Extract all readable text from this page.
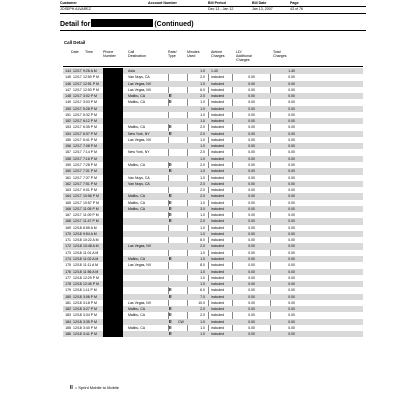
Customer
JOSEPH ALVAREZ
Account Number	Bill Period
Dec 13 - Jan 12
Bill Date
Jan 13, 2007
Page
43 of 76
Detail for	(Continued)
Call Detail
Date Time	Phone
Number
Call
Destination
Rate/
Type
Minutes
Used
Airtime
Charges
LD/
Additional
Charges
Total
Charges
144 12/17 9:26 A M	Asia	1.0 1.40	1.40
145 12/17 12:50 P M	Van Nuys, CA	2.0 included	0.00	0.00
146 12/17 12:51 P M	Las Vegas, NV	1.0 included	0.00	0.00
147 12/17 12:53 P M	Las Vegas, NV	6.0 included	0.00	0.00
148 12/17 3:02 P M	Malibu, CA	II	2.0 included	0.00	0.00
149 12/17 3:03 P M	Malibu, CA	II	1.0 included	0.00	0.00
150 12/17 5:28 P M	1.0 included	0.00	0.00
151 12/17 5:32 P M	1.0 included	0.00	0.00
152 12/17 6:12 P M	1.0 included	0.00	0.00
153 12/17 6:35 P M	Malibu, CA	II	2.0 included	0.00	0.00
154 12/17 6:37 P M	New York, NY	II	2.0 included	0.00	0.00
155 12/17 6:41 P M	Las Vegas, NV	1.0 included	0.00	0.00
156 12/17 7:08 P M	1.0 included	0.00	0.00
157 12/17 7:14 P M	New York, NY	2.0 included	0.00	0.00
158 12/17 7:16 P M	1.0 included	0.00	0.00
159 12/17 7:28 P M	Malibu, CA	II	2.0 included	0.00	0.00
160 12/17 7:31 P M	II	1.0 included	0.00	0.00
161 12/17 7:37 P M	Van Nuys, CA	1.0 included	0.00	0.00
162 12/17 7:51 P M	Van Nuys, CA	2.0 included	0.00	0.00
163 12/17 9:01 P M	2.0 included	0.00	0.00
164 12/17 10:56 P M	Malibu, CA	II	2.0 included	0.00	0.00
165 12/17 10:57 P M	Malibu, CA	II	1.0 included	0.00	0.00
166 12/17 11:05 P M	Malibu, CA	II	3.0 included	0.00	0.00
167 12/17 11:09 P M	II	1.0 included	0.00	0.00
168 12/17 11:47 P M	II	2.0 included	0.00	0.00
169 12/18 6:55 A M	1.0 included	0.00	0.00
170 12/18 9:54 A M	1.0 included	0.00	0.00
171 12/18 10:22 A M	6.0 included	0.00	0.00
172 12/18 10:48 A M	Las Vegas, NV	2.0 included	0.00	0.00
173 12/18 11:01 A M	1.0 included	0.00	0.00
174 12/18 11:02 A M	Malibu, CA	II	1.0 included	0.00	0.00
175 12/18 11:11 A M	Las Vegas, NV	8.0 included	0.00	0.00
176 12/18 11:56 A M	1.0 included	0.00	0.00
177 12/18 12:29 P M	1.0 included	0.00	0.00
178 12/18 12:45 P M	1.0 included	0.00	0.00
179 12/18 1:11 P M	II	6.0 included	0.00	0.00
180 12/18 3:08 P M	II	7.0 included	0.00	0.00
181 12/18 3:18 P M	Las Vegas, NV	10.0 included	0.00	0.00
182 12/18 3:27 P M	Malibu, CA	II	2.0 included	0.00	0.00
183 12/18 3:34 P M	Malibu, CA	II	2.0 included	0.00	0.00
184 12/18 3:35 P M	II CW	1.0 included	0.00	0.00
185 12/18 3:40 P M	Malibu, CA	II	1.0 included	0.00	0.00
186 12/18 3:41 P M	II	1.0 included	0.00	0.00
II = Sprint Mobile to Mobile
